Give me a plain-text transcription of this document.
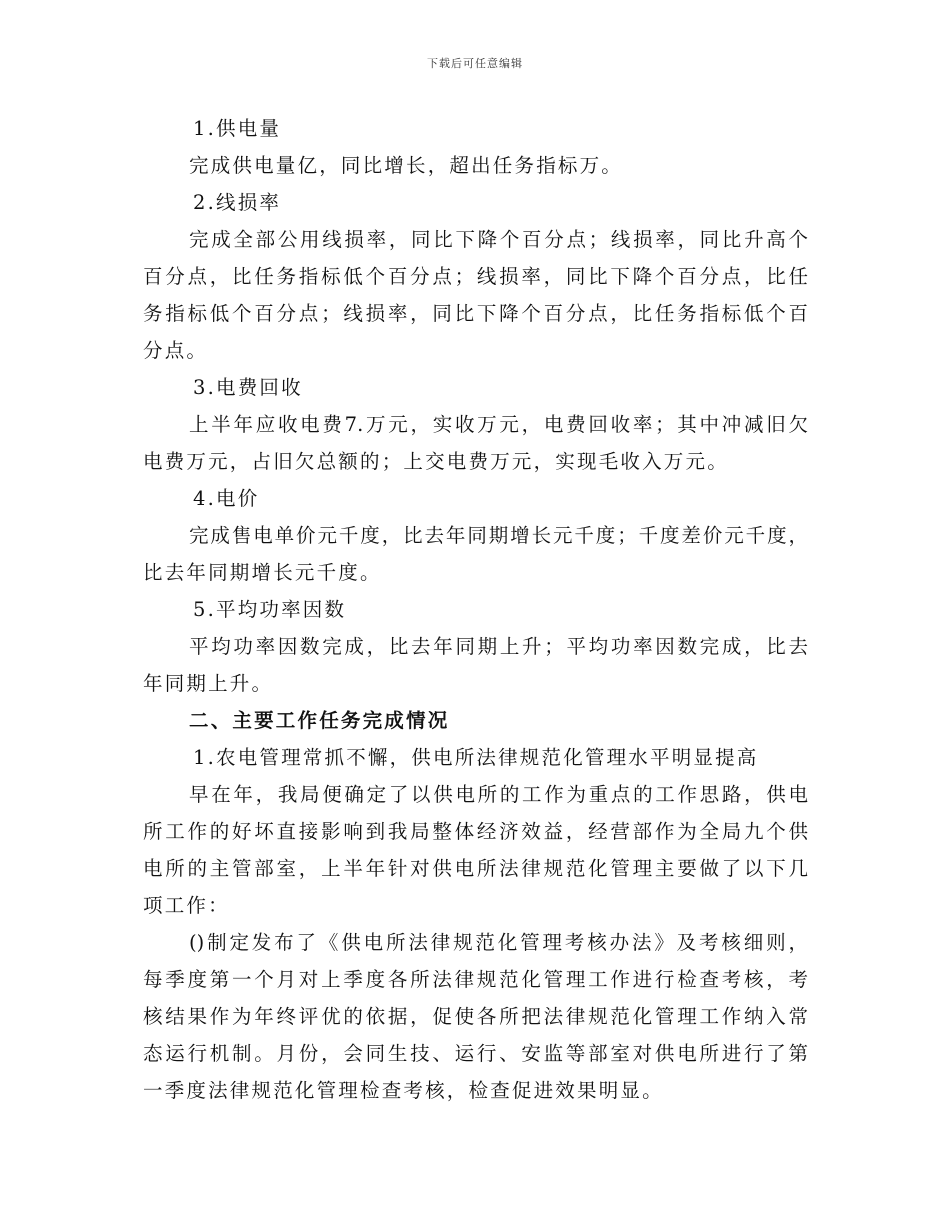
下载后可任意编辑
1.供电量
完成供电量亿，同比增长，超出任务指标万。
2.线损率
完成全部公用线损率，同比下降个百分点；线损率，同比升高个
百分点，比任务指标低个百分点；线损率，同比下降个百分点，比任
务指标低个百分点；线损率，同比下降个百分点，比任务指标低个百
分点。
3.电费回收
上半年应收电费7.万元，实收万元，电费回收率；其中冲减旧欠
电费万元，占旧欠总额的；上交电费万元，实现毛收入万元。
4.电价
完成售电单价元千度，比去年同期增长元千度；千度差价元千度，
比去年同期增长元千度。
5.平均功率因数
平均功率因数完成，比去年同期上升；平均功率因数完成，比去
年同期上升。
二、主要工作任务完成情况
1.农电管理常抓不懈，供电所法律规范化管理水平明显提高
早在年，我局便确定了以供电所的工作为重点的工作思路，供电
所工作的好坏直接影响到我局整体经济效益，经营部作为全局九个供
电所的主管部室，上半年针对供电所法律规范化管理主要做了以下几
项工作：
()制定发布了《供电所法律规范化管理考核办法》及考核细则，
每季度第一个月对上季度各所法律规范化管理工作进行检查考核，考
核结果作为年终评优的依据，促使各所把法律规范化管理工作纳入常
态运行机制。月份，会同生技、运行、安监等部室对供电所进行了第
一季度法律规范化管理检查考核，检查促进效果明显。
